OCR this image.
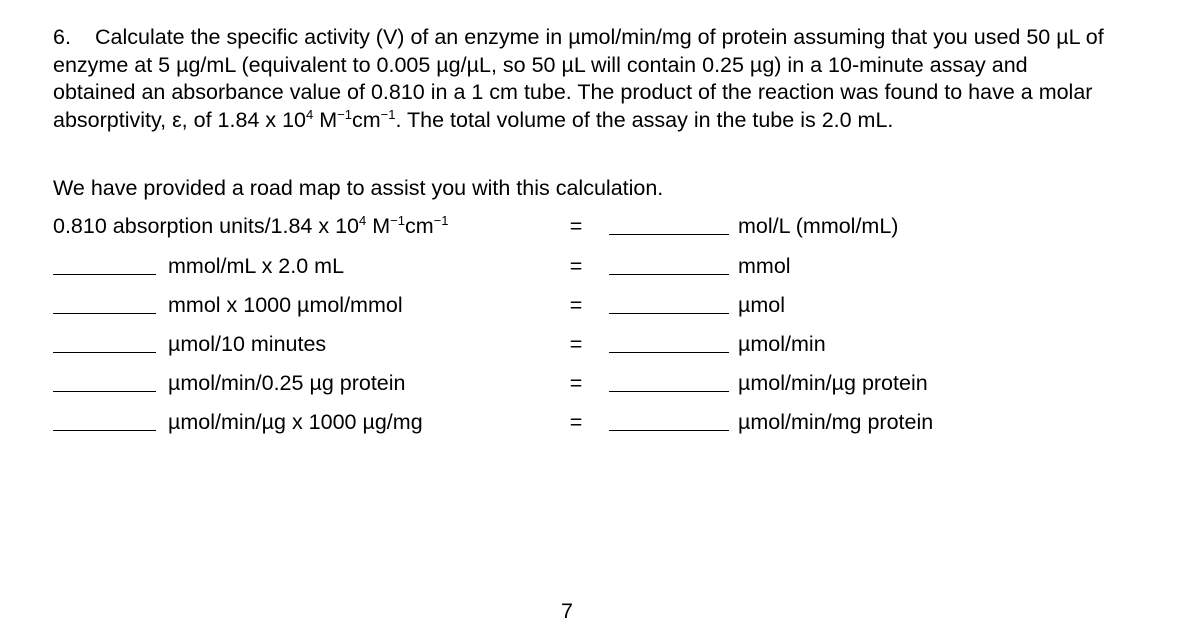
6. Calculate the specific activity (V) of an enzyme in µmol/min/mg of protein assuming that you used 50 µL of enzyme at 5 µg/mL (equivalent to 0.005 µg/µL, so 50 µL will contain 0.25 µg) in a 10-minute assay and obtained an absorbance value of 0.810 in a 1 cm tube. The product of the reaction was found to have a molar absorptivity, ε, of 1.84 x $10^4$ $M^{-1}cm^{-1}$. The total volume of the assay in the tube is 2.0 mL.

We have provided a road map to assist you with this calculation.

0.810 absorption units/1.84 x $10^4$ $M^{-1}cm^{-1}$	=	mol/L (mmol/mL)
mmol/mL x 2.0 mL	=	mmol
mmol x 1000 µmol/mmol	=	µmol
µmol/10 minutes	=	µmol/min
µmol/min/0.25 µg protein	=	µmol/min/µg protein
µmol/min/µg x 1000 µg/mg	=	µmol/min/mg protein
7
